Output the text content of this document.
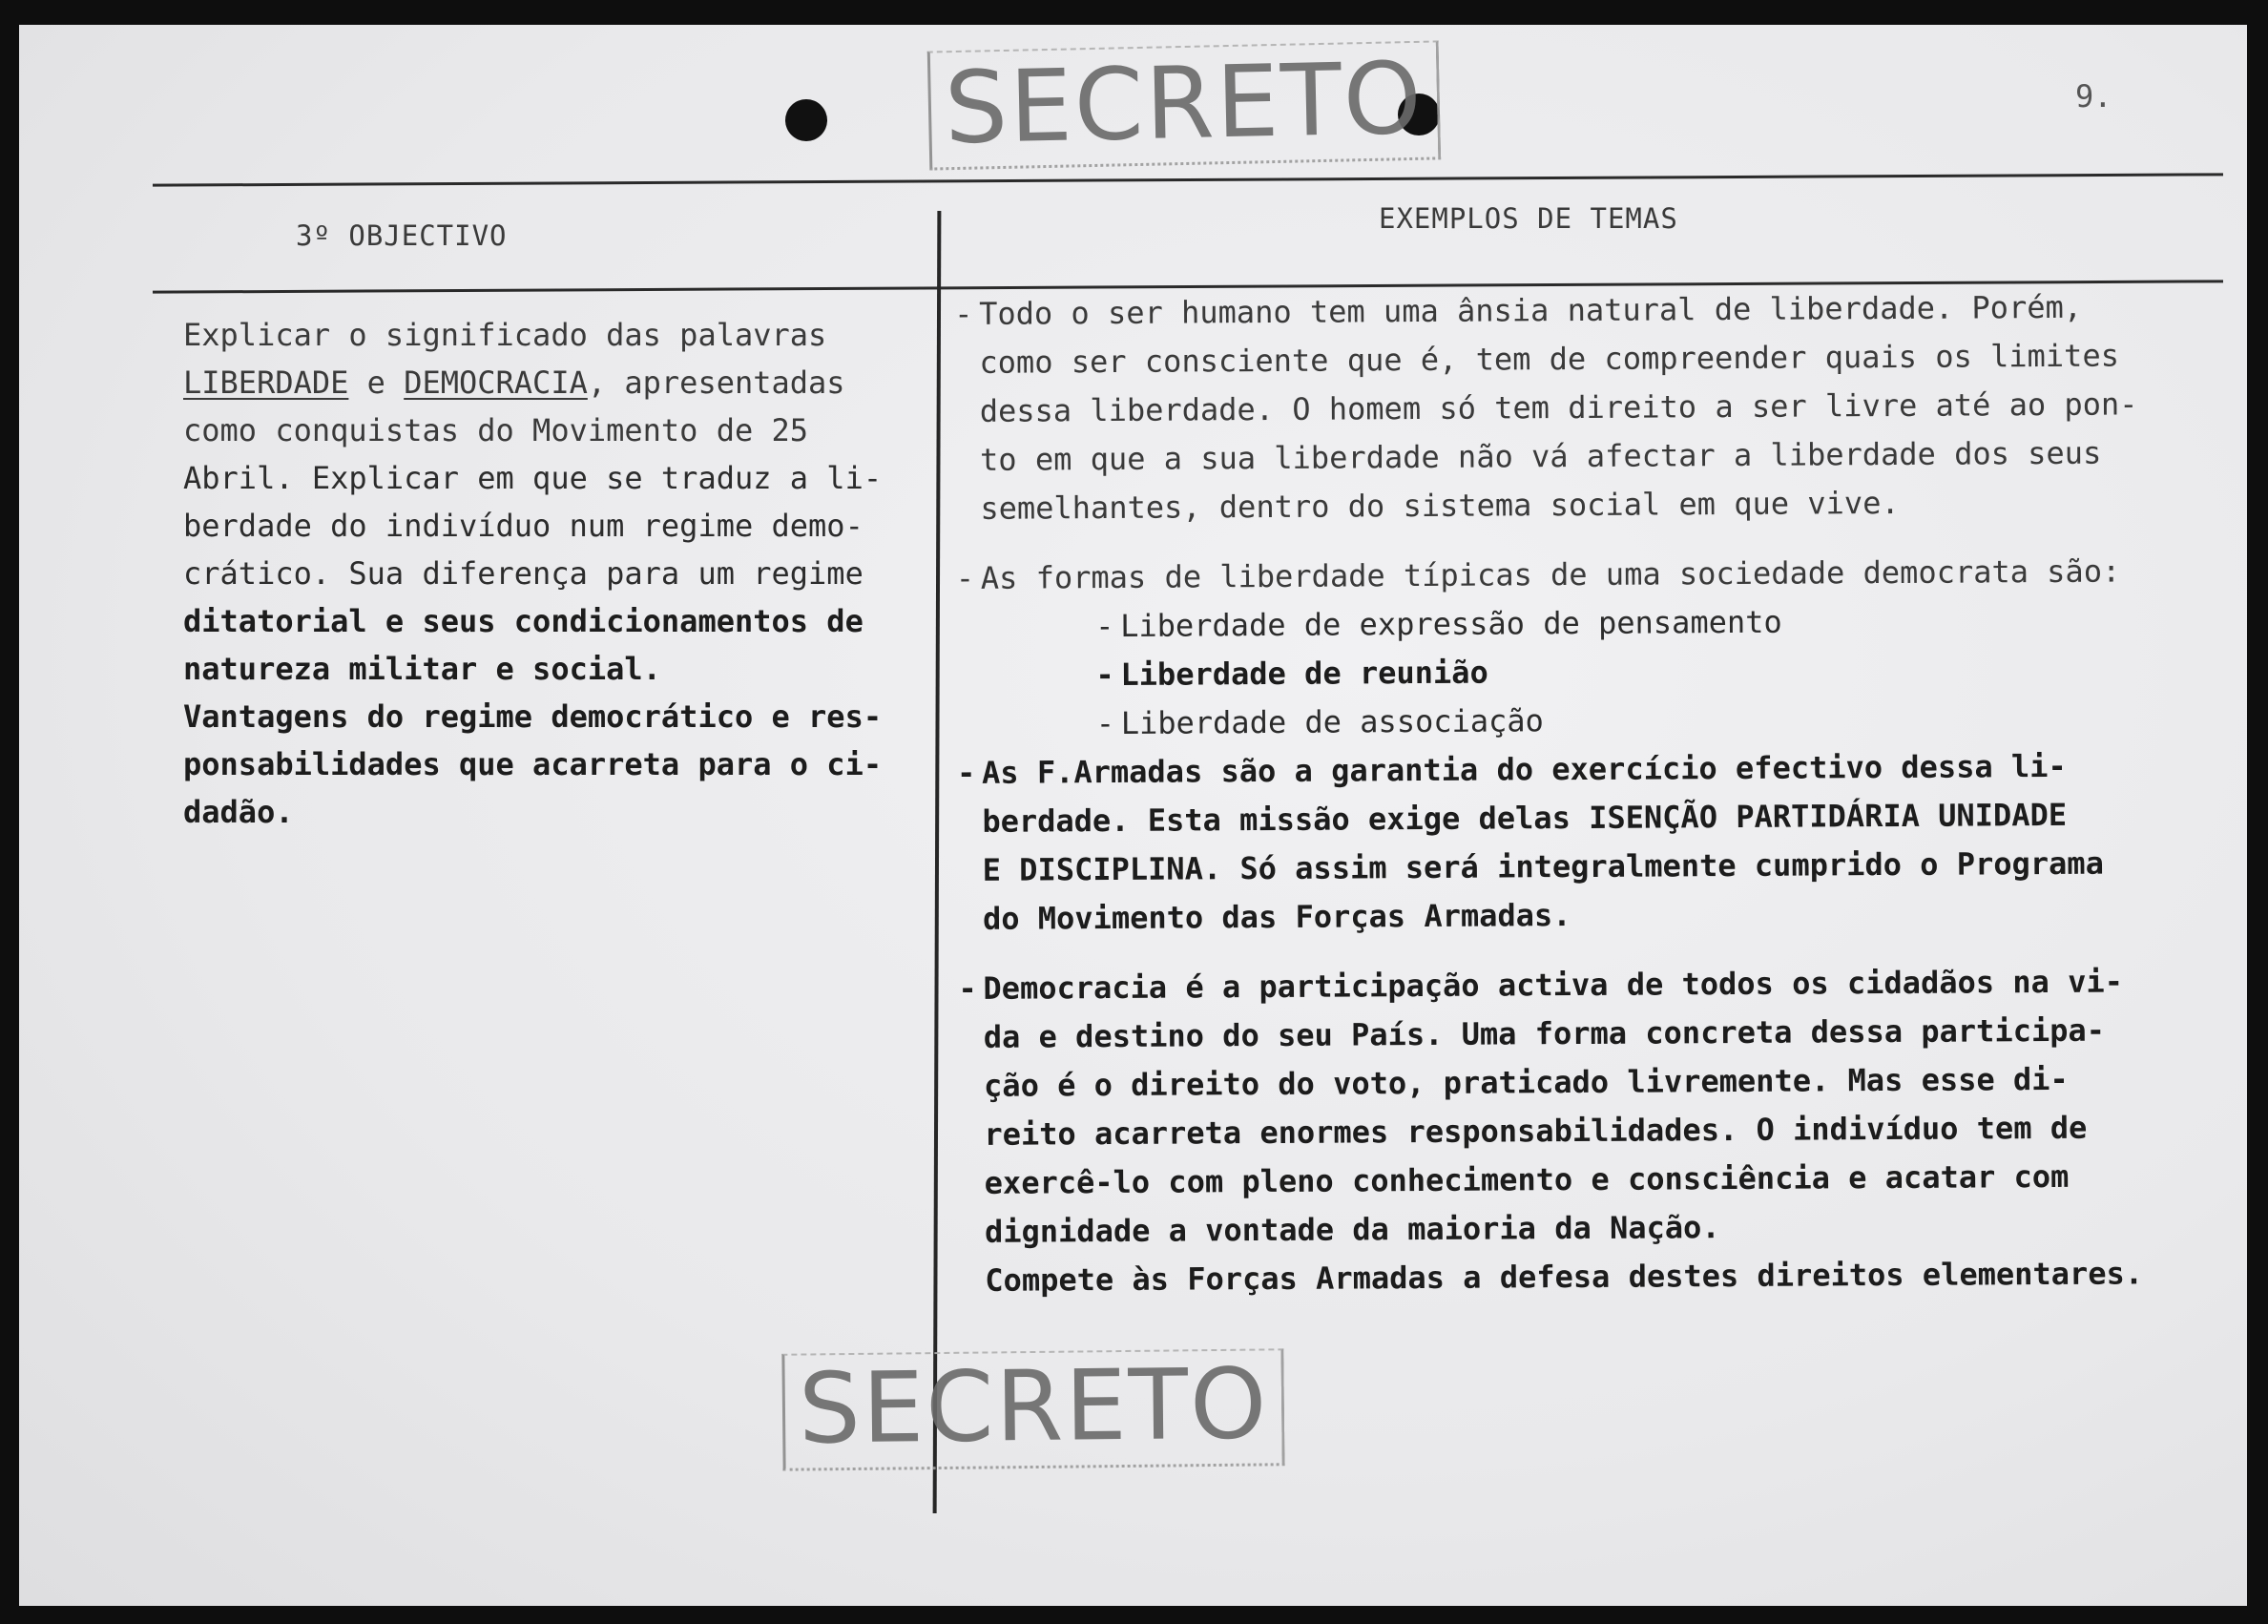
SECRETO	9.
3º OBJECTIVO
EXEMPLOS DE TEMAS
Explicar o significado das palavras
LIBERDADE e DEMOCRACIA, apresentadas
como conquistas do Movimento de 25
Abril. Explicar em que se traduz a li-
berdade do indivíduo num regime demo-
crático. Sua diferença para um regime
ditatorial e seus condicionamentos de
natureza militar e social.
Vantagens do regime democrático e res-
ponsabilidades que acarreta para o ci-
dadão.
- Todo o ser humano tem uma ânsia natural de liberdade. Porém,
como ser consciente que é, tem de compreender quais os limites
dessa liberdade. O homem só tem direito a ser livre até ao pon-
to em que a sua liberdade não vá afectar a liberdade dos seus
semelhantes, dentro do sistema social em que vive.
- As formas de liberdade típicas de uma sociedade democrata são:
- Liberdade de expressão de pensamento
- Liberdade de reunião
- Liberdade de associação
- As F.Armadas são a garantia do exercício efectivo dessa li-
berdade. Esta missão exige delas ISENÇÃO PARTIDÁRIA UNIDADE
E DISCIPLINA. Só assim será integralmente cumprido o Programa
do Movimento das Forças Armadas.
- Democracia é a participação activa de todos os cidadãos na vi-
da e destino do seu País. Uma forma concreta dessa participa-
ção é o direito do voto, praticado livremente. Mas esse di-
reito acarreta enormes responsabilidades. O indivíduo tem de
exercê-lo com pleno conhecimento e consciência e acatar com
dignidade a vontade da maioria da Nação.
Compete às Forças Armadas a defesa destes direitos elementares.
SECRETO
